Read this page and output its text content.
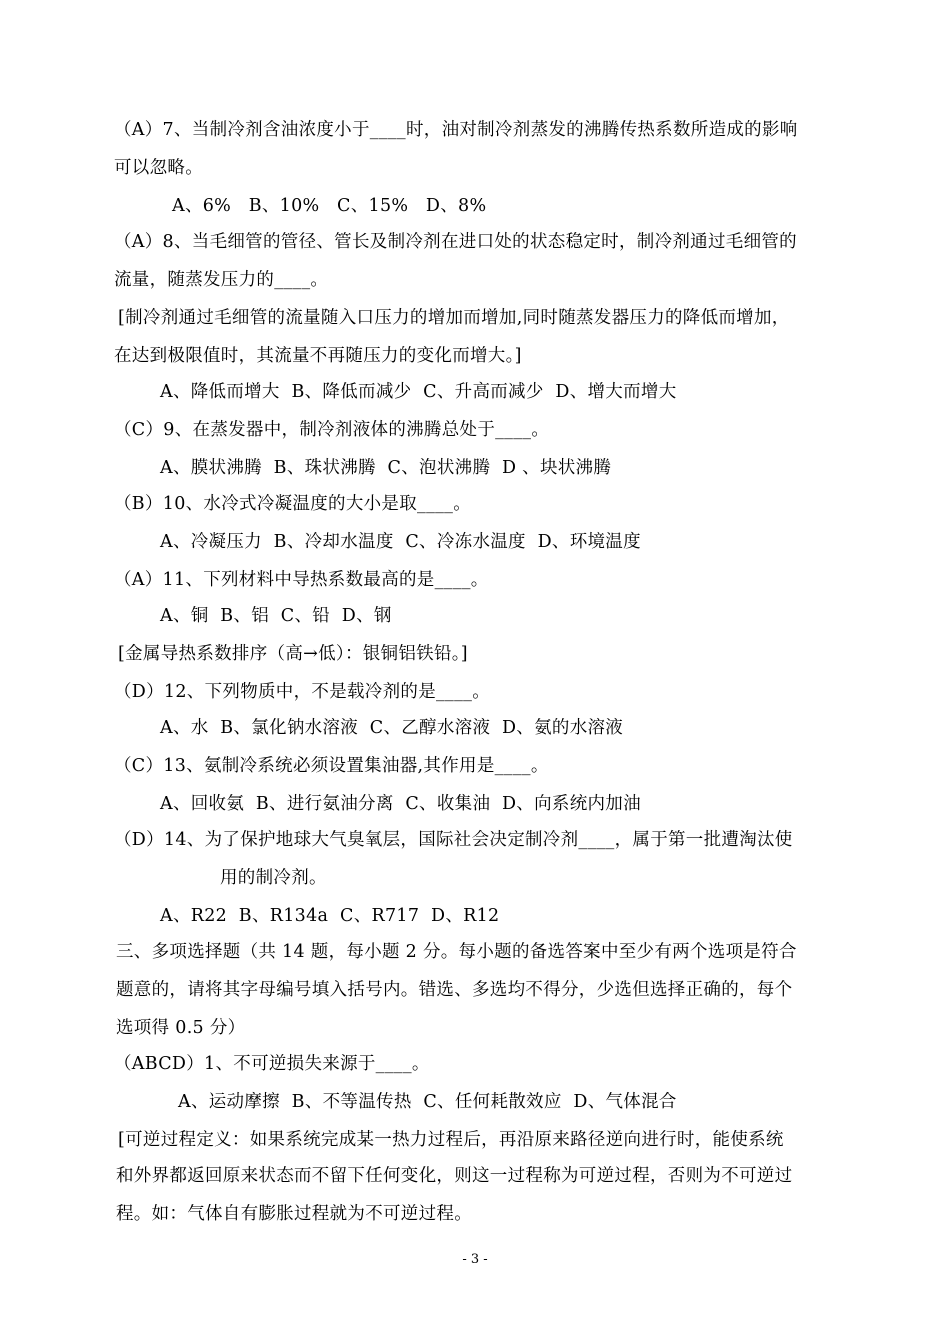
（A）7、当制冷剂含油浓度小于____时，油对制冷剂蒸发的沸腾传热系数所造成的影响
可以忽略。
A、6%   B、10%   C、15%   D、8%
（A）8、当毛细管的管径、管长及制冷剂在进口处的状态稳定时，制冷剂通过毛细管的
流量，随蒸发压力的____。
[制冷剂通过毛细管的流量随入口压力的增加而增加,同时随蒸发器压力的降低而增加，
在达到极限值时，其流量不再随压力的变化而增大。]
A、降低而增大  B、降低而减少  C、升高而减少  D、增大而增大
（C）9、在蒸发器中，制冷剂液体的沸腾总处于____。
A、膜状沸腾  B、珠状沸腾  C、泡状沸腾  D 、块状沸腾
（B）10、水冷式冷凝温度的大小是取____。
A、冷凝压力  B、冷却水温度  C、冷冻水温度  D、环境温度
（A）11、下列材料中导热系数最高的是____。
A、铜  B、铝  C、铅  D、钢
[金属导热系数排序（高→低）：银铜铝铁铅。]
（D）12、下列物质中，不是载冷剂的是____。
A、水  B、氯化钠水溶液  C、乙醇水溶液  D、氨的水溶液
（C）13、氨制冷系统必须设置集油器,其作用是____。
A、回收氨  B、进行氨油分离  C、收集油  D、向系统内加油
（D）14、为了保护地球大气臭氧层，国际社会决定制冷剂____，属于第一批遭淘汰使
用的制冷剂。
A、R22  B、R134a  C、R717  D、R12
三、多项选择题（共 14 题，每小题 2 分。每小题的备选答案中至少有两个选项是符合
题意的，请将其字母编号填入括号内。错选、多选均不得分，少选但选择正确的，每个
选项得 0.5 分）
（ABCD）1、不可逆损失来源于____。
A、运动摩擦  B、不等温传热  C、任何耗散效应  D、气体混合
[可逆过程定义：如果系统完成某一热力过程后，再沿原来路径逆向进行时，能使系统
和外界都返回原来状态而不留下任何变化，则这一过程称为可逆过程，否则为不可逆过
程。如：气体自有膨胀过程就为不可逆过程。
- 3 -
